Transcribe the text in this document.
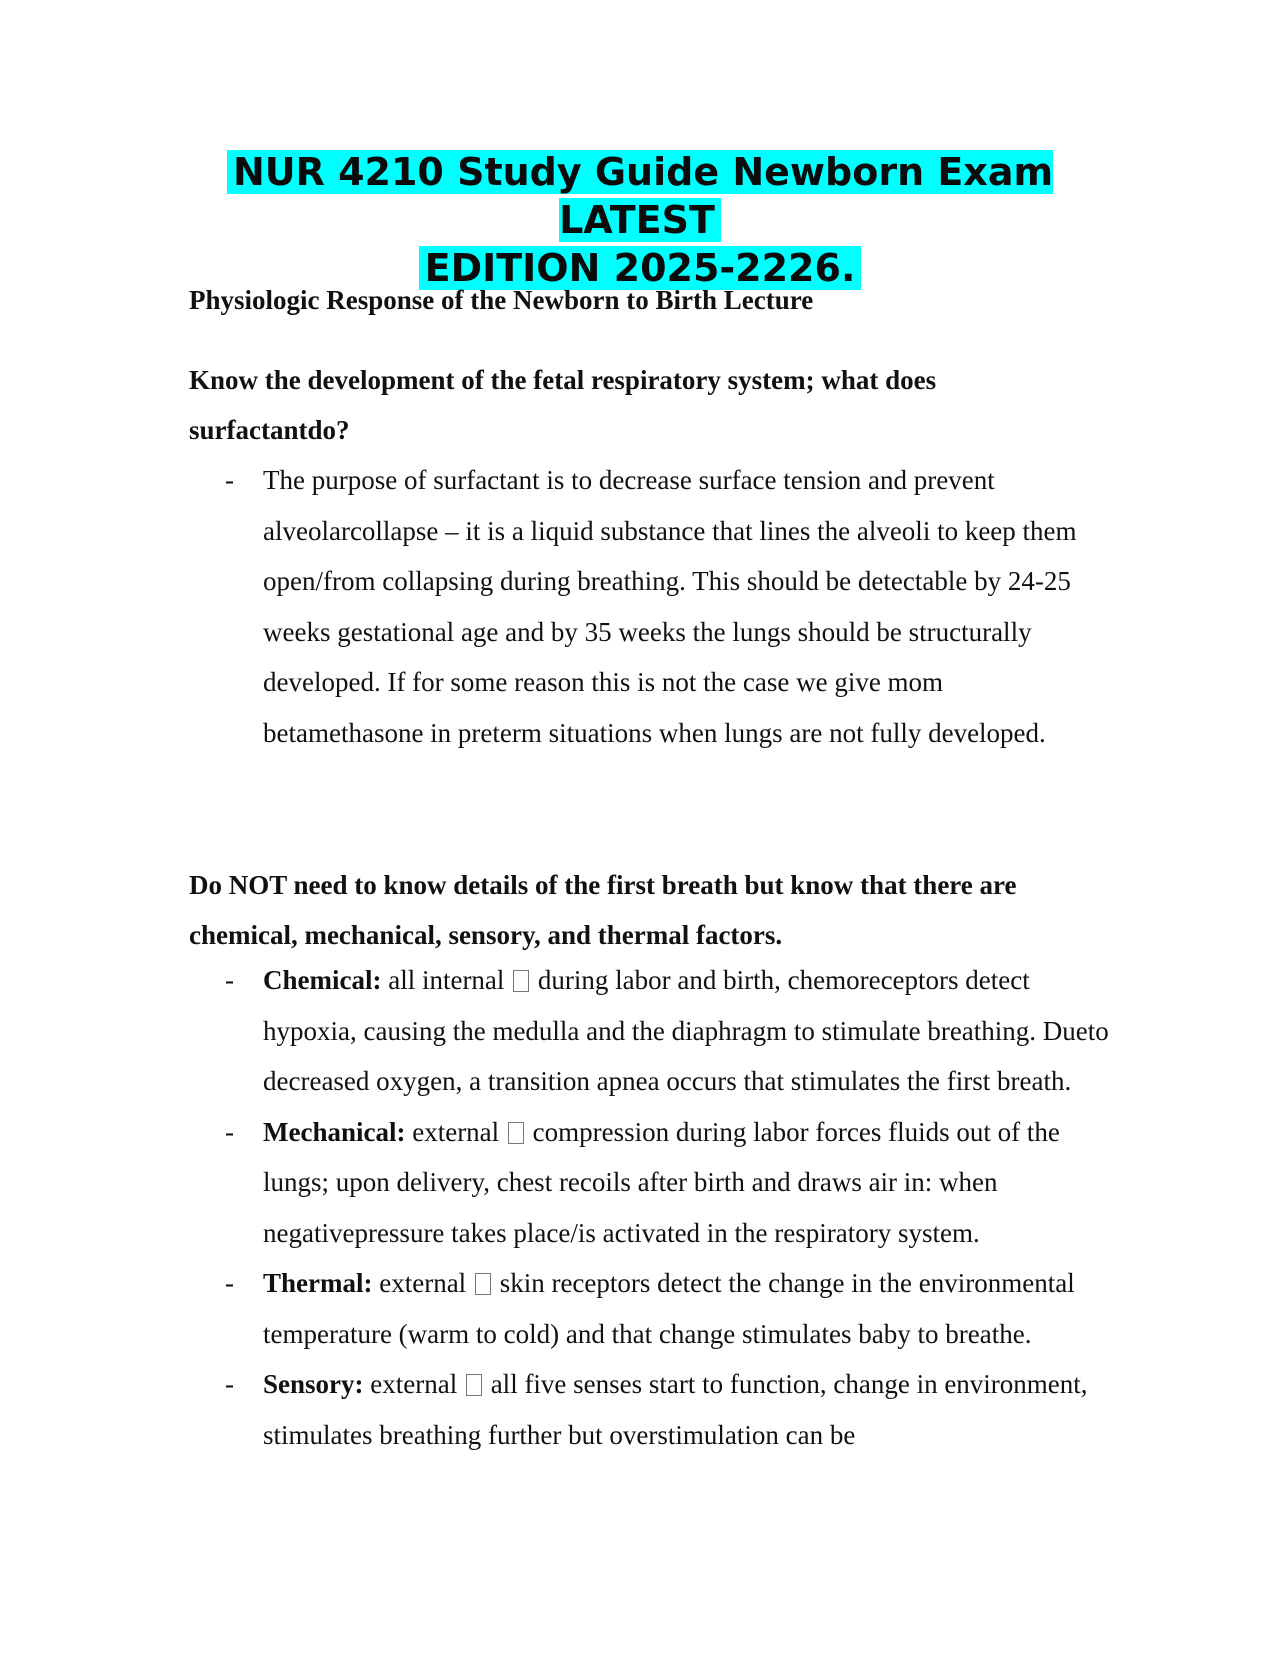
NUR 4210 Study Guide Newborn Exam LATEST
EDITION 2025-2226.
Physiologic Response of the Newborn to Birth Lecture
Know the development of the fetal respiratory system; what does
surfactantdo?
- The purpose of surfactant is to decrease surface tension and prevent alveolarcollapse – it is a liquid substance that lines the alveoli to keep them open/from collapsing during breathing. This should be detectable by 24-25 weeks gestational age and by 35 weeks the lungs should be structurally developed. If for some reason this is not the case we give mom betamethasone in preterm situations when lungs are not fully developed.
Do NOT need to know details of the first breath but know that there are
chemical, mechanical, sensory, and thermal factors.
- Chemical: all internal during labor and birth, chemoreceptors detect hypoxia, causing the medulla and the diaphragm to stimulate breathing. Dueto decreased oxygen, a transition apnea occurs that stimulates the first breath.
- Mechanical: external compression during labor forces fluids out of the lungs; upon delivery, chest recoils after birth and draws air in: when negativepressure takes place/is activated in the respiratory system.
- Thermal: external skin receptors detect the change in the environmental temperature (warm to cold) and that change stimulates baby to breathe.
- Sensory: external all five senses start to function, change in environment, stimulates breathing further but overstimulation can be
